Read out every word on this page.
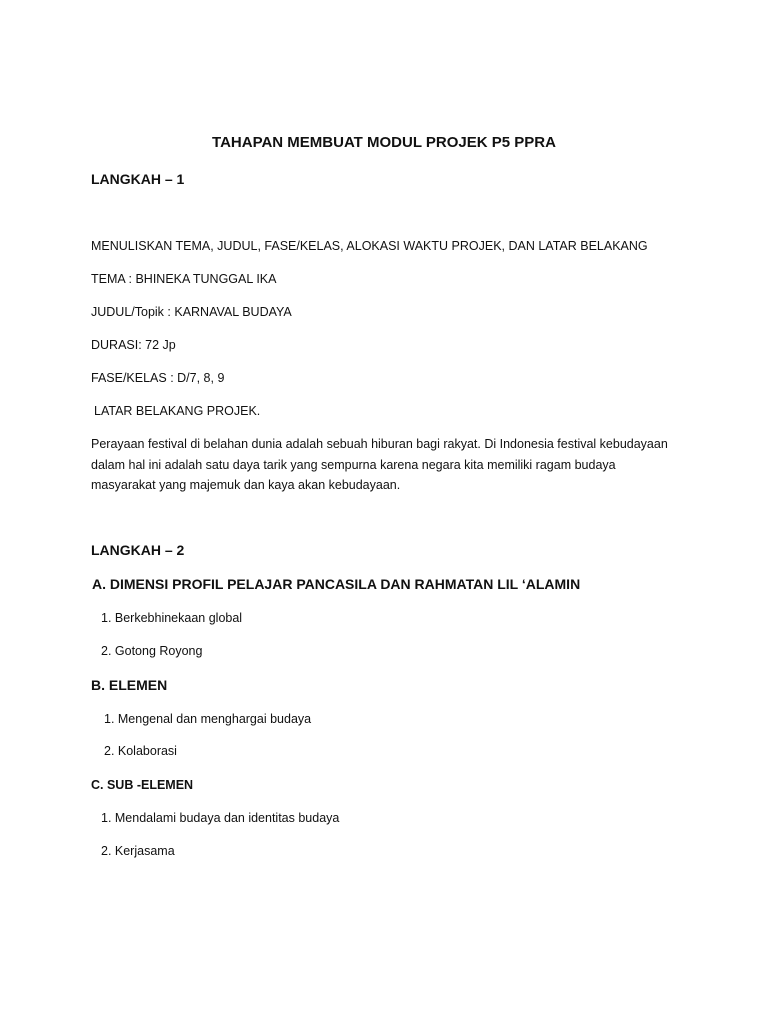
TAHAPAN MEMBUAT MODUL PROJEK P5 PPRA
LANGKAH – 1
MENULISKAN TEMA, JUDUL, FASE/KELAS, ALOKASI WAKTU PROJEK, DAN LATAR BELAKANG
TEMA : BHINEKA TUNGGAL IKA
JUDUL/Topik : KARNAVAL BUDAYA
DURASI: 72 Jp
FASE/KELAS : D/7, 8, 9
LATAR BELAKANG PROJEK.
Perayaan festival di belahan dunia adalah sebuah hiburan bagi rakyat. Di Indonesia festival kebudayaan
dalam hal ini adalah satu daya tarik yang sempurna karena negara kita memiliki ragam budaya
masyarakat yang majemuk dan kaya akan kebudayaan.
LANGKAH – 2
A. DIMENSI PROFIL PELAJAR PANCASILA DAN RAHMATAN LIL ‘ALAMIN
1. Berkebhinekaan global
2. Gotong Royong
B. ELEMEN
1. Mengenal dan menghargai budaya
2. Kolaborasi
C. SUB -ELEMEN
1. Mendalami budaya dan identitas budaya
2. Kerjasama
